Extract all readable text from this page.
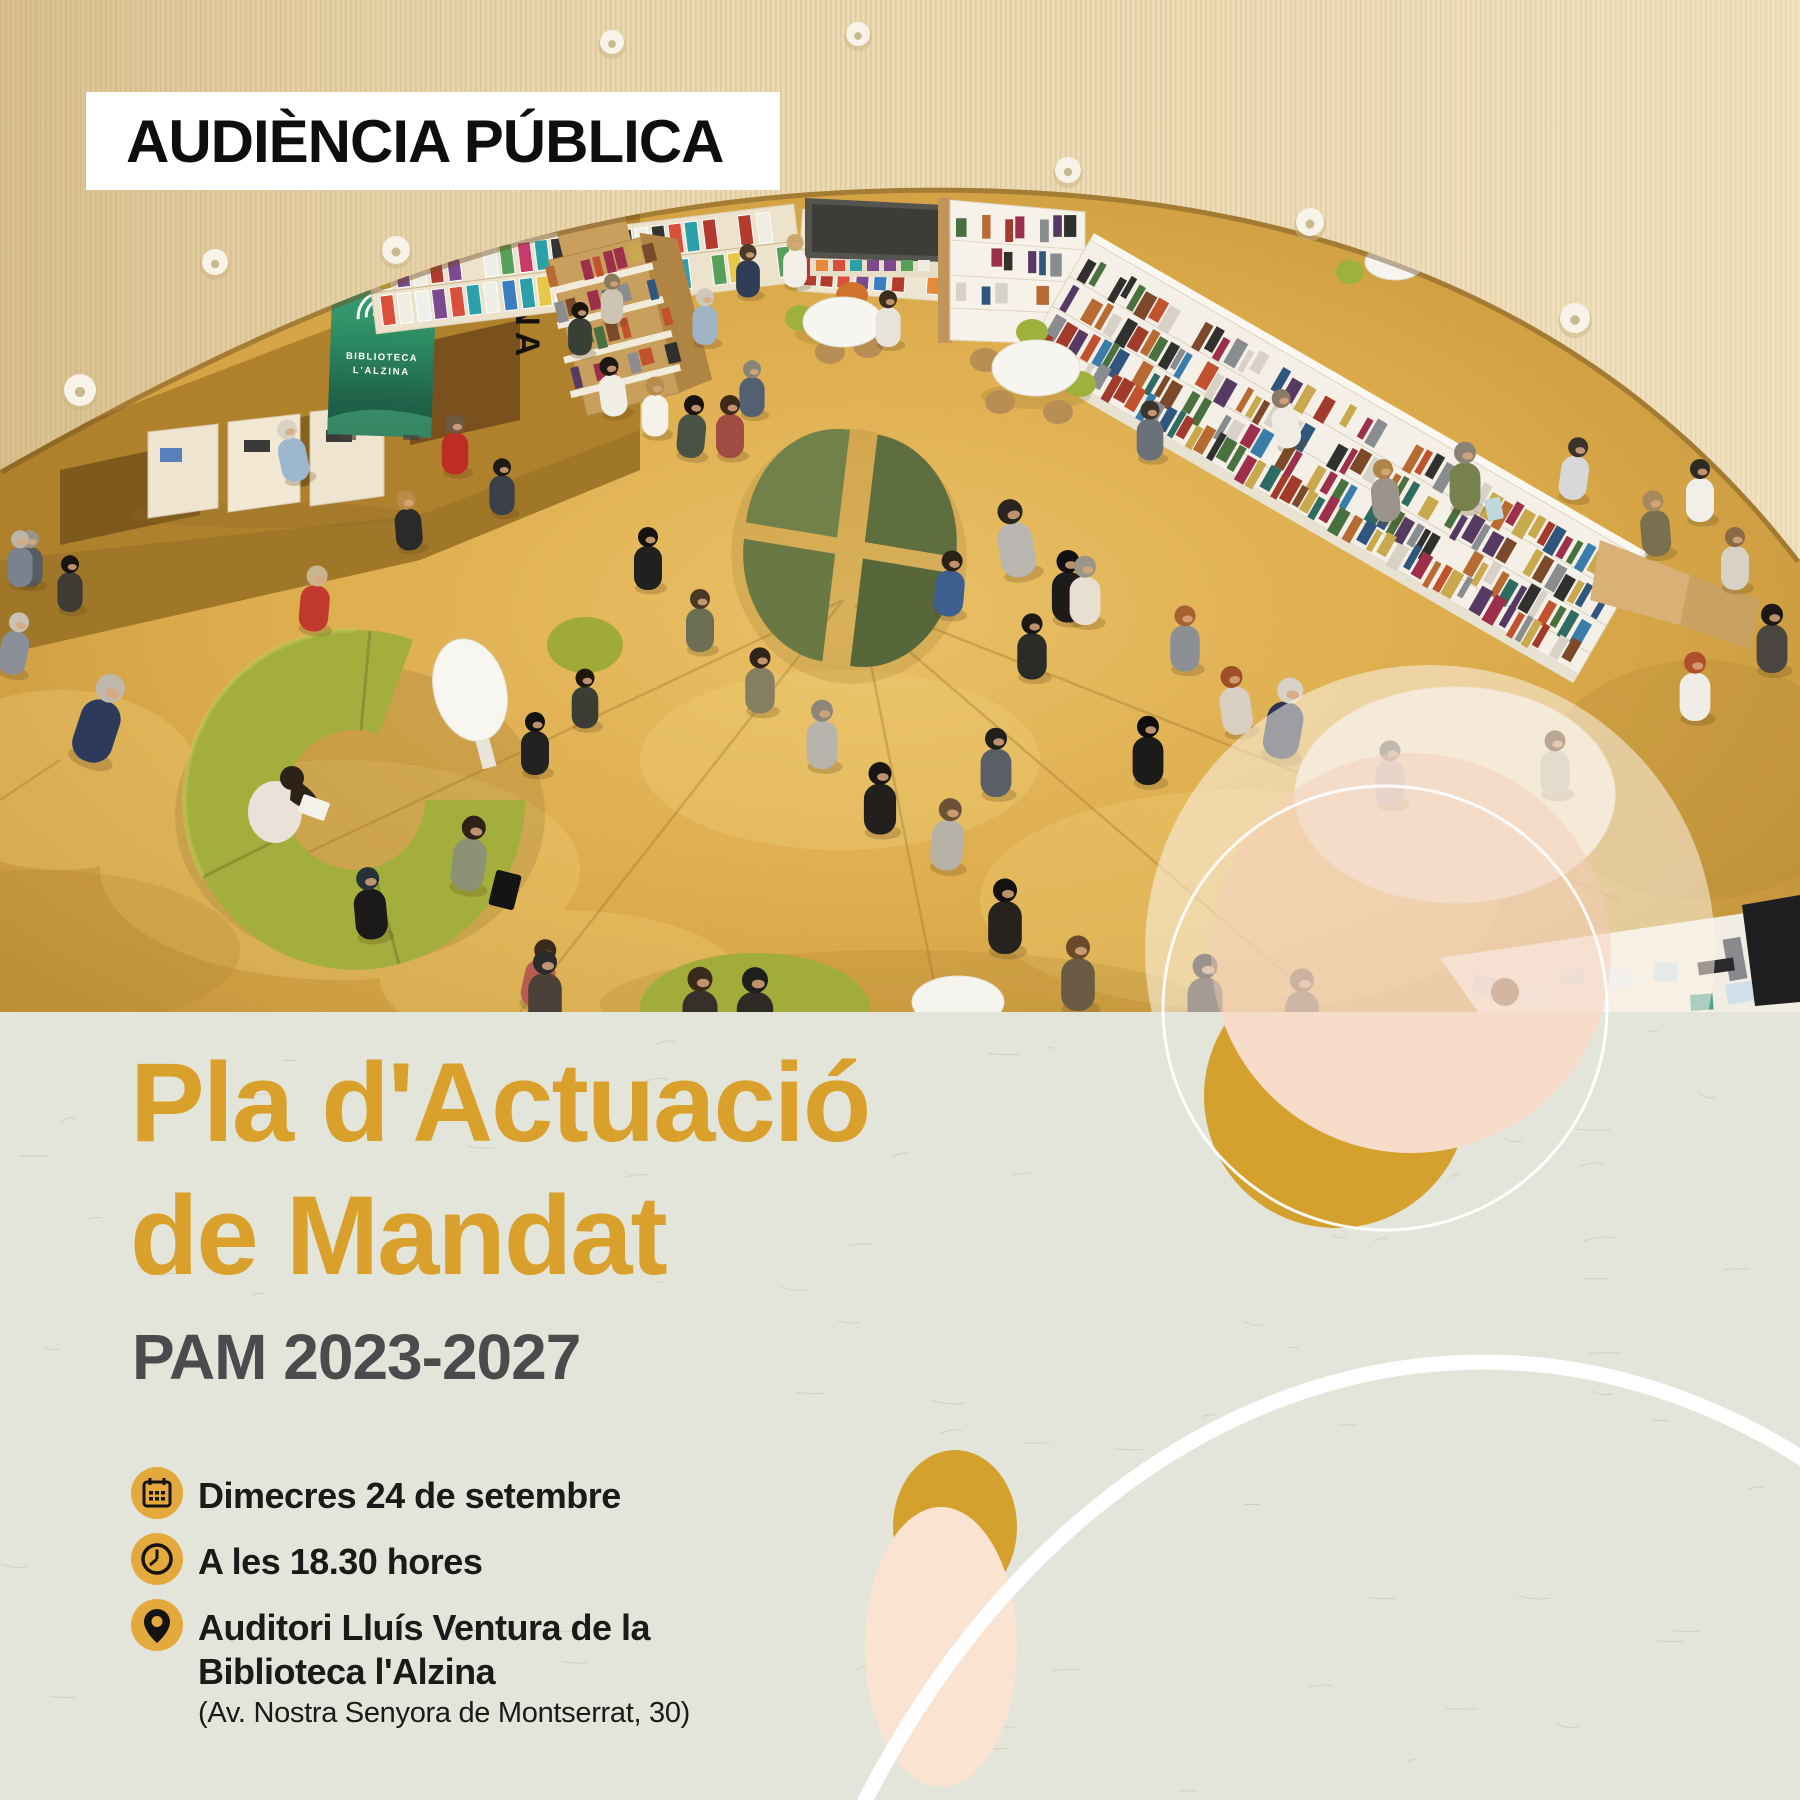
BIBLIOTECA
L'ALZINA
AUDIÈNCIA PÚBLICA
Pla d'Actuació
de Mandat
PAM 2023-2027
Dimecres 24 de setembre
A les 18.30 hores
Auditori Lluís Ventura de la
Biblioteca l'Alzina
(Av. Nostra Senyora de Montserrat, 30)
